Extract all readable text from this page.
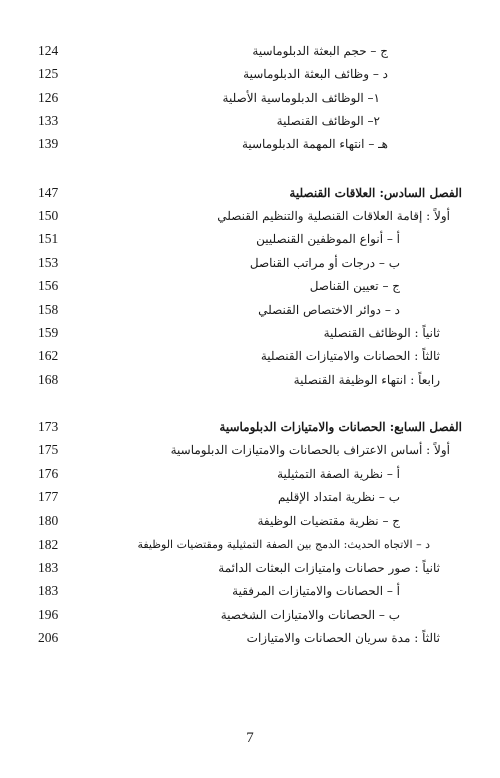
ج – حجم البعثة الدبلوماسية
124
د – وظائف البعثة الدبلوماسية
125
١– الوظائف الدبلوماسية الأصلية
126
٢– الوظائف القنصلية
133
هـ – انتهاء المهمة الدبلوماسية
139
الفصل السادس: العلاقات القنصلية
147
أولاً : إقامة العلاقات القنصلية والتنظيم القنصلي
150
أ – أنواع الموظفين القنصليين
151
ب – درجات أو مراتب القناصل
153
ج – تعيين القناصل
156
د – دوائر الاختصاص القنصلي
158
ثانياً : الوظائف القنصلية
159
ثالثاً : الحصانات والامتيازات القنصلية
162
رابعاً : انتهاء الوظيفة القنصلية
168
الفصل السابع: الحصانات والامتيازات الدبلوماسية
173
أولاً : أساس الاعتراف بالحصانات والامتيازات الدبلوماسية
175
أ – نظرية الصفة التمثيلية
176
ب – نظرية امتداد الإقليم
177
ج – نظرية مقتضيات الوظيفة
180
د – الاتجاه الحديث: الدمج بين الصفة التمثيلية ومقتضيات الوظيفة
182
ثانياً : صور حصانات وامتيازات البعثات الدائمة
183
أ – الحصانات والامتيازات المرفقية
183
ب – الحصانات والامتيازات الشخصية
196
ثالثاً : مدة سريان الحصانات والامتيازات
206
7
